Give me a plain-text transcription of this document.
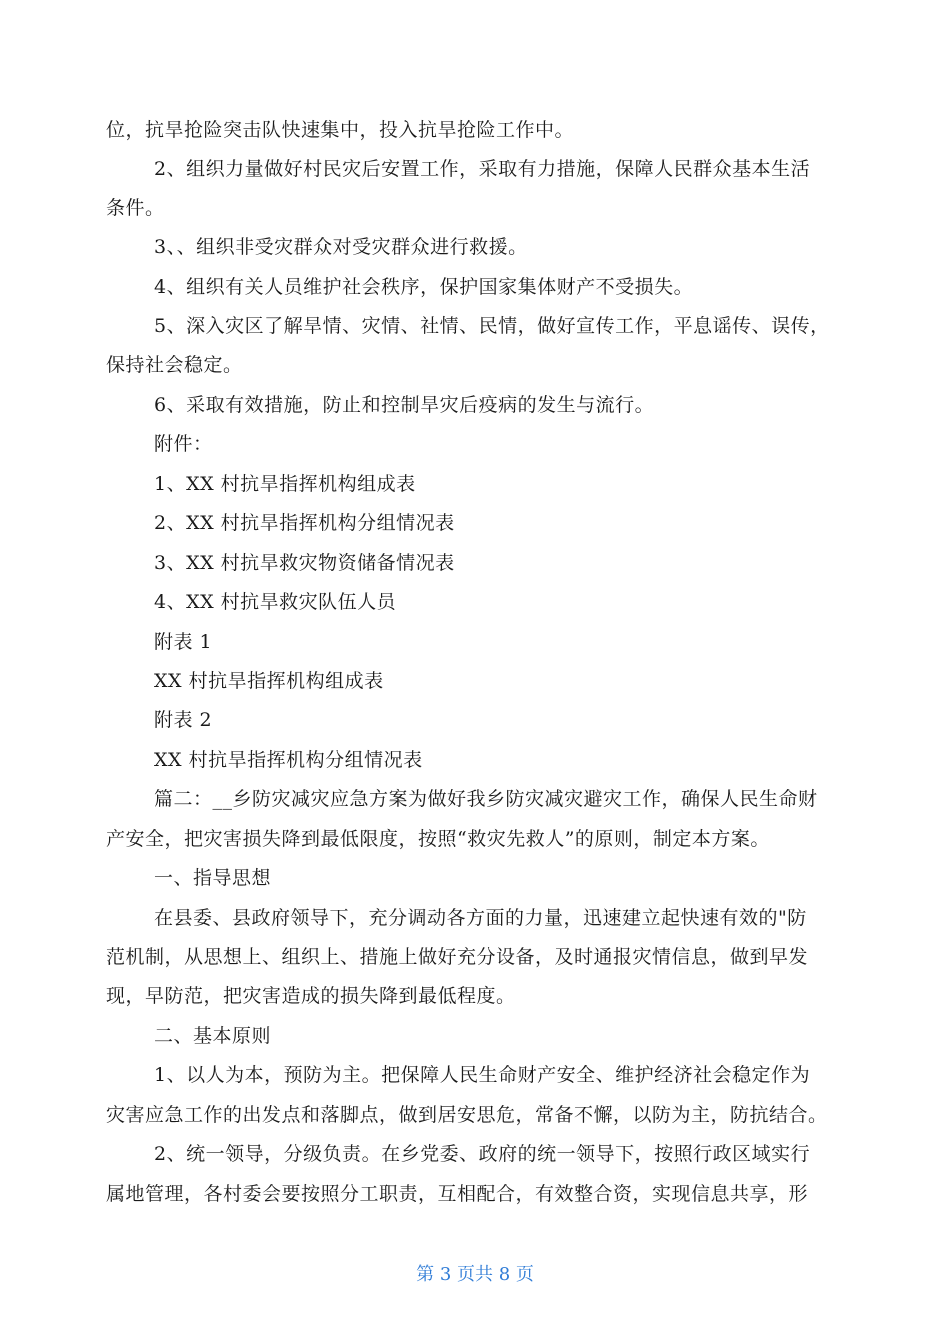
位，抗旱抢险突击队快速集中，投入抗旱抢险工作中。
2、组织力量做好村民灾后安置工作，采取有力措施，保障人民群众基本生活
条件。
3、、组织非受灾群众对受灾群众进行救援。
4、组织有关人员维护社会秩序，保护国家集体财产不受损失。
5、深入灾区了解旱情、灾情、社情、民情，做好宣传工作，平息谣传、误传，
保持社会稳定。
6、采取有效措施，防止和控制旱灾后疫病的发生与流行。
附件：
1、XX 村抗旱指挥机构组成表
2、XX 村抗旱指挥机构分组情况表
3、XX 村抗旱救灾物资储备情况表
4、XX 村抗旱救灾队伍人员
附表 1
XX 村抗旱指挥机构组成表
附表 2
XX 村抗旱指挥机构分组情况表
篇二：__乡防灾减灾应急方案为做好我乡防灾减灾避灾工作，确保人民生命财
产安全，把灾害损失降到最低限度，按照“救灾先救人”的原则，制定本方案。
一、指导思想
在县委、县政府领导下，充分调动各方面的力量，迅速建立起快速有效的"防
范机制，从思想上、组织上、措施上做好充分设备，及时通报灾情信息，做到早发
现，早防范，把灾害造成的损失降到最低程度。
二、基本原则
1、以人为本，预防为主。把保障人民生命财产安全、维护经济社会稳定作为
灾害应急工作的出发点和落脚点，做到居安思危，常备不懈，以防为主，防抗结合。
2、统一领导，分级负责。在乡党委、政府的统一领导下，按照行政区域实行
属地管理，各村委会要按照分工职责，互相配合，有效整合资，实现信息共享，形
第 3 页共 8 页
